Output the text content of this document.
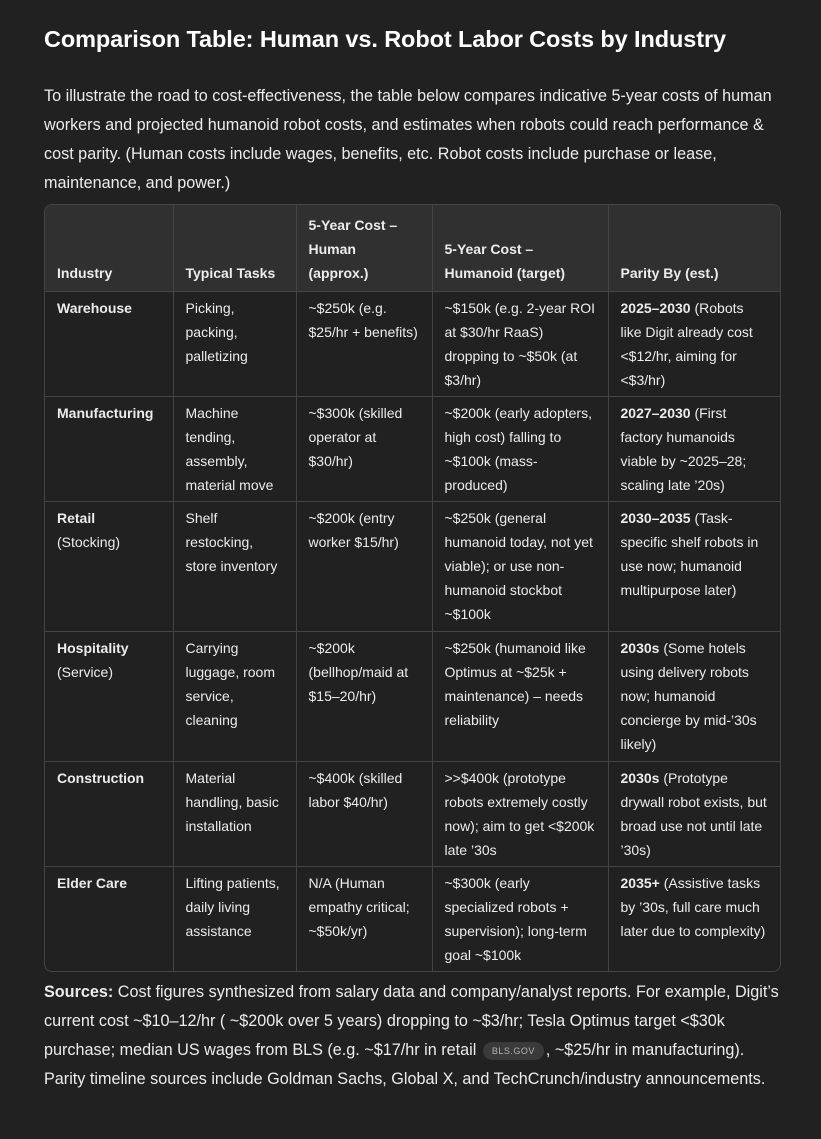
Comparison Table: Human vs. Robot Labor Costs by Industry

To illustrate the road to cost-effectiveness, the table below compares indicative 5-year costs of human workers and projected humanoid robot costs, and estimates when robots could reach performance & cost parity. (Human costs include wages, benefits, etc. Robot costs include purchase or lease, maintenance, and power.)

Industry	Typical Tasks	5-Year Cost – Human (approx.)	5-Year Cost – Humanoid (target)	Parity By (est.)
Warehouse	Picking, packing, palletizing	~$250k (e.g. $25/hr + benefits)	~$150k (e.g. 2-year ROI at $30/hr RaaS) dropping to ~$50k (at $3/hr)	2025–2030 (Robots like Digit already cost <$12/hr, aiming for <$3/hr)
Manufacturing	Machine tending, assembly, material move	~$300k (skilled operator at $30/hr)	~$200k (early adopters, high cost) falling to ~$100k (mass-produced)	2027–2030 (First factory humanoids viable by ~2025–28; scaling late ’20s)
Retail (Stocking)	Shelf restocking, store inventory	~$200k (entry worker $15/hr)	~$250k (general humanoid today, not yet viable); or use non-humanoid stockbot ~$100k	2030–2035 (Task-specific shelf robots in use now; humanoid multipurpose later)
Hospitality (Service)	Carrying luggage, room service, cleaning	~$200k (bellhop/maid at $15–20/hr)	~$250k (humanoid like Optimus at ~$25k + maintenance) – needs reliability	2030s (Some hotels using delivery robots now; humanoid concierge by mid-’30s likely)
Construction	Material handling, basic installation	~$400k (skilled labor $40/hr)	>>$400k (prototype robots extremely costly now); aim to get <$200k late ’30s	2030s (Prototype drywall robot exists, but broad use not until late ’30s)
Elder Care	Lifting patients, daily living assistance	N/A (Human empathy critical; ~$50k/yr)	~$300k (early specialized robots + supervision); long-term goal ~$100k	2035+ (Assistive tasks by ’30s, full care much later due to complexity)

Sources: Cost figures synthesized from salary data and company/analyst reports. For example, Digit’s current cost ~$10–12/hr ( ~$200k over 5 years) dropping to ~$3/hr; Tesla Optimus target <$30k purchase; median US wages from BLS (e.g. ~$17/hr in retail BLS.GOV , ~$25/hr in manufacturing). Parity timeline sources include Goldman Sachs, Global X, and TechCrunch/industry announcements.
